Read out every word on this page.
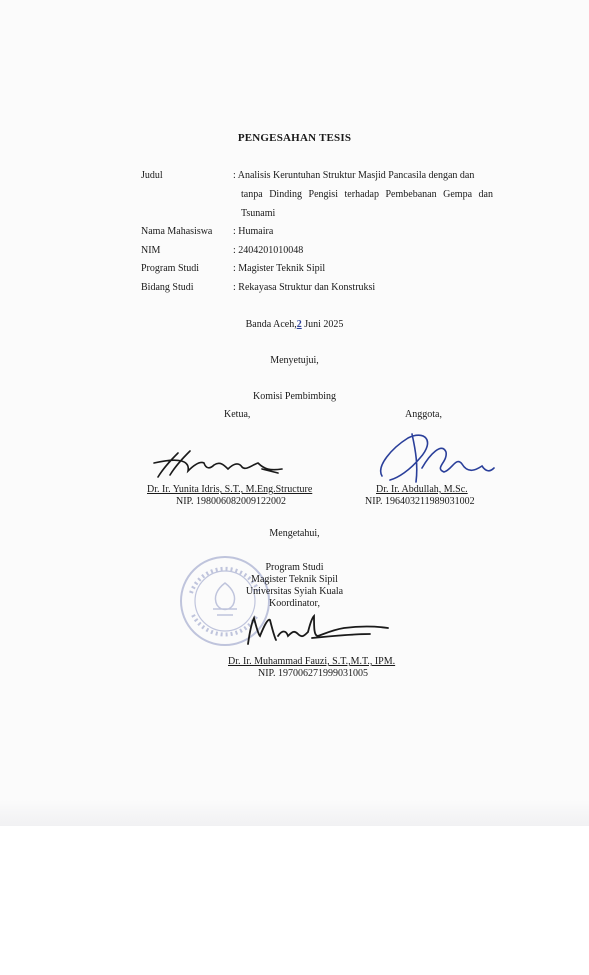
PENGESAHAN TESIS
Judul	: Analisis Keruntuhan Struktur Masjid Pancasila dengan dan
tanpa Dinding Pengisi terhadap Pembebanan Gempa dan
Tsunami
Nama Mahasiswa : Humaira
NIM	: 2404201010048
Program Studi	: Magister Teknik Sipil
Bidang Studi	: Rekayasa Struktur dan Konstruksi
Banda Aceh,2 Juni 2025
Menyetujui,
Komisi Pembimbing
Ketua,	Anggota,
Dr. Ir. Yunita Idris, S.T., M.Eng.Structure
NIP. 198006082009122002
Dr. Ir. Abdullah, M.Sc.
NIP. 196403211989031002
Mengetahui,
Program Studi
Magister Teknik Sipil
Universitas Syiah Kuala
Koordinator,
Dr. Ir. Muhammad Fauzi, S.T.,M.T., IPM.
NIP. 197006271999031005
